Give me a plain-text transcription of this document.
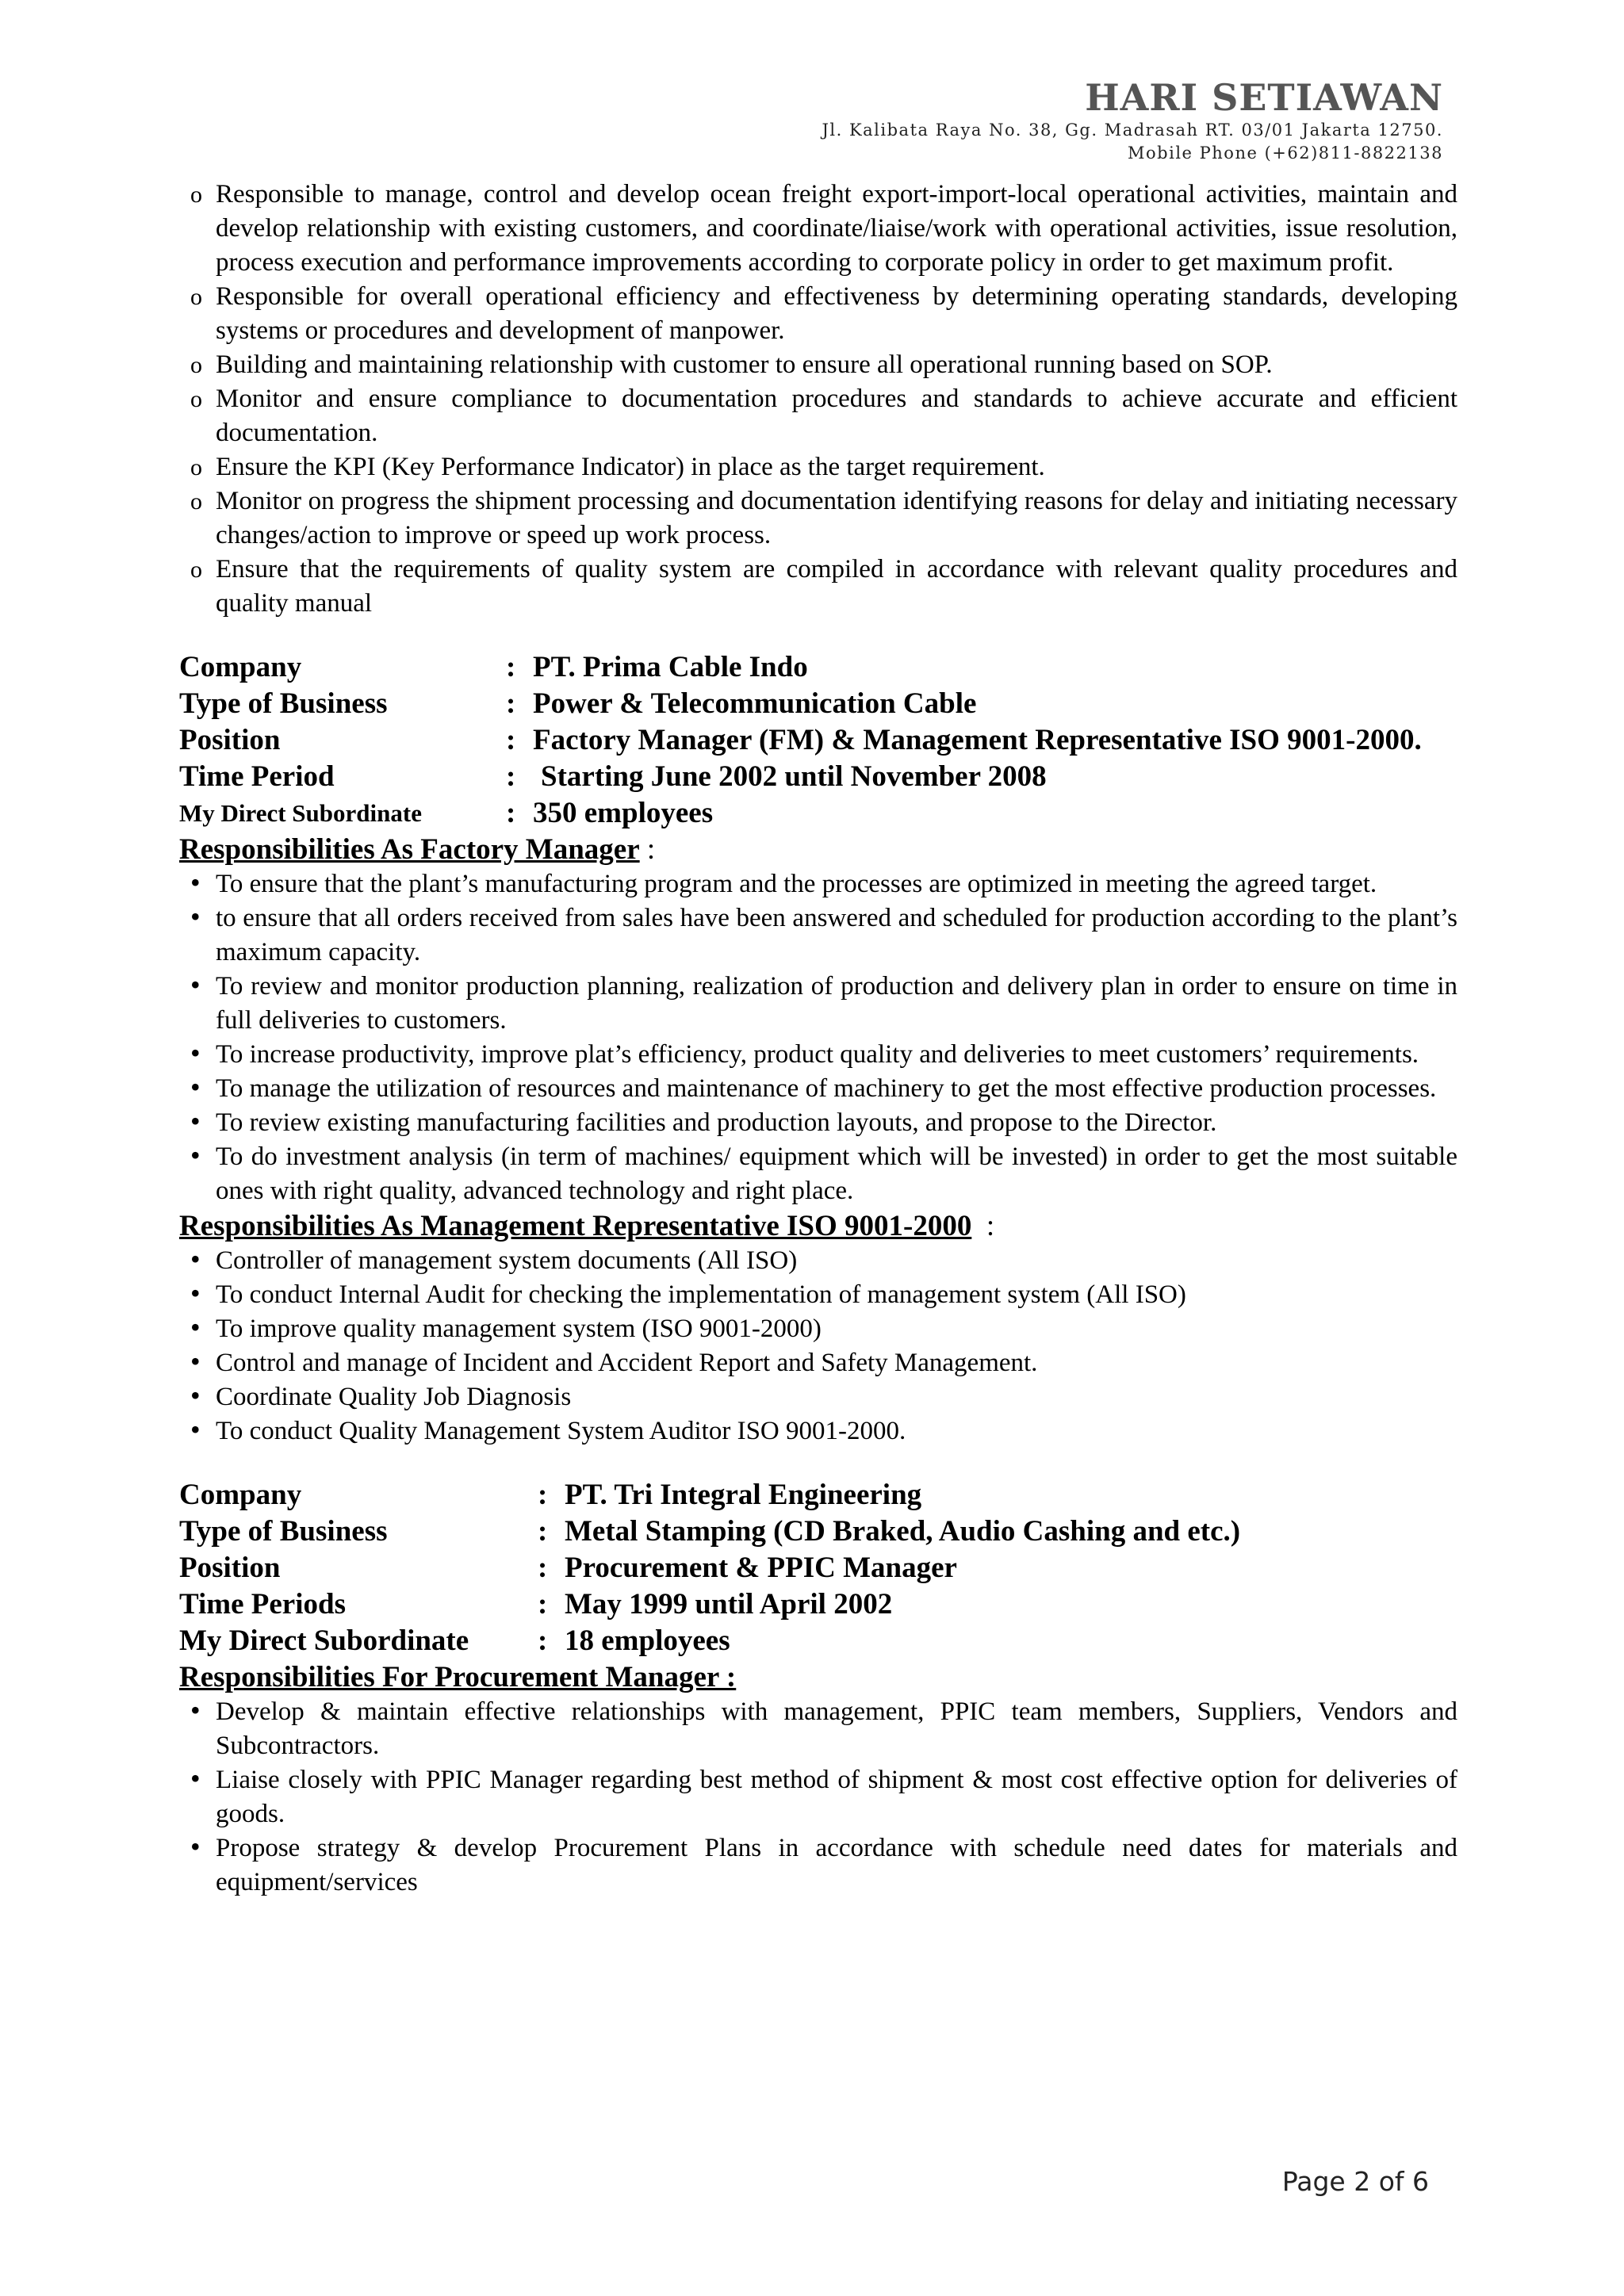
HARI SETIAWAN
Jl. Kalibata Raya No. 38, Gg. Madrasah RT. 03/01 Jakarta 12750.
Mobile Phone (+62)811-8822138
o Responsible to manage, control and develop ocean freight export-import-local operational activities, maintain and develop relationship with existing customers, and coordinate/liaise/work with operational activities, issue resolution, process execution and performance improvements according to corporate policy in order to get maximum profit.
o Responsible for overall operational efficiency and effectiveness by determining operating standards, developing systems or procedures and development of manpower.
o Building and maintaining relationship with customer to ensure all operational running based on SOP.
o Monitor and ensure compliance to documentation procedures and standards to achieve accurate and efficient documentation.
o Ensure the KPI (Key Performance Indicator) in place as the target requirement.
o Monitor on progress the shipment processing and documentation identifying reasons for delay and initiating necessary changes/action to improve or speed up work process.
o Ensure that the requirements of quality system are compiled in accordance with relevant quality procedures and quality manual
Company	: PT. Prima Cable Indo
Type of Business	: Power & Telecommunication Cable
Position	: Factory Manager (FM) & Management Representative ISO 9001-2000.
Time Period	: Starting June 2002 until November 2008
My Direct Subordinate	: 350 employees
Responsibilities As Factory Manager :
• To ensure that the plant’s manufacturing program and the processes are optimized in meeting the agreed target.
• to ensure that all orders received from sales have been answered and scheduled for production according to the plant’s maximum capacity.
• To review and monitor production planning, realization of production and delivery plan in order to ensure on time in full deliveries to customers.
• To increase productivity, improve plat’s efficiency, product quality and deliveries to meet customers’ requirements.
• To manage the utilization of resources and maintenance of machinery to get the most effective production processes.
• To review existing manufacturing facilities and production layouts, and propose to the Director.
• To do investment analysis (in term of machines/ equipment which will be invested) in order to get the most suitable ones with right quality, advanced technology and right place.
Responsibilities As Management Representative ISO 9001-2000  :
• Controller of management system documents (All ISO)
• To conduct Internal Audit for checking the implementation of management system (All ISO)
• To improve quality management system (ISO 9001-2000)
• Control and manage of Incident and Accident Report and Safety Management.
• Coordinate Quality Job Diagnosis
• To conduct Quality Management System Auditor ISO 9001-2000.
Company	: PT. Tri Integral Engineering
Type of Business	: Metal Stamping (CD Braked, Audio Cashing and etc.)
Position	: Procurement & PPIC Manager
Time Periods	: May 1999 until April 2002
My Direct Subordinate	: 18 employees
Responsibilities For Procurement Manager :
• Develop & maintain effective relationships with management, PPIC team members, Suppliers, Vendors and Subcontractors.
• Liaise closely with PPIC Manager regarding best method of shipment & most cost effective option for deliveries of goods.
• Propose strategy & develop Procurement Plans in accordance with schedule need dates for materials and equipment/services
Page 2 of 6
